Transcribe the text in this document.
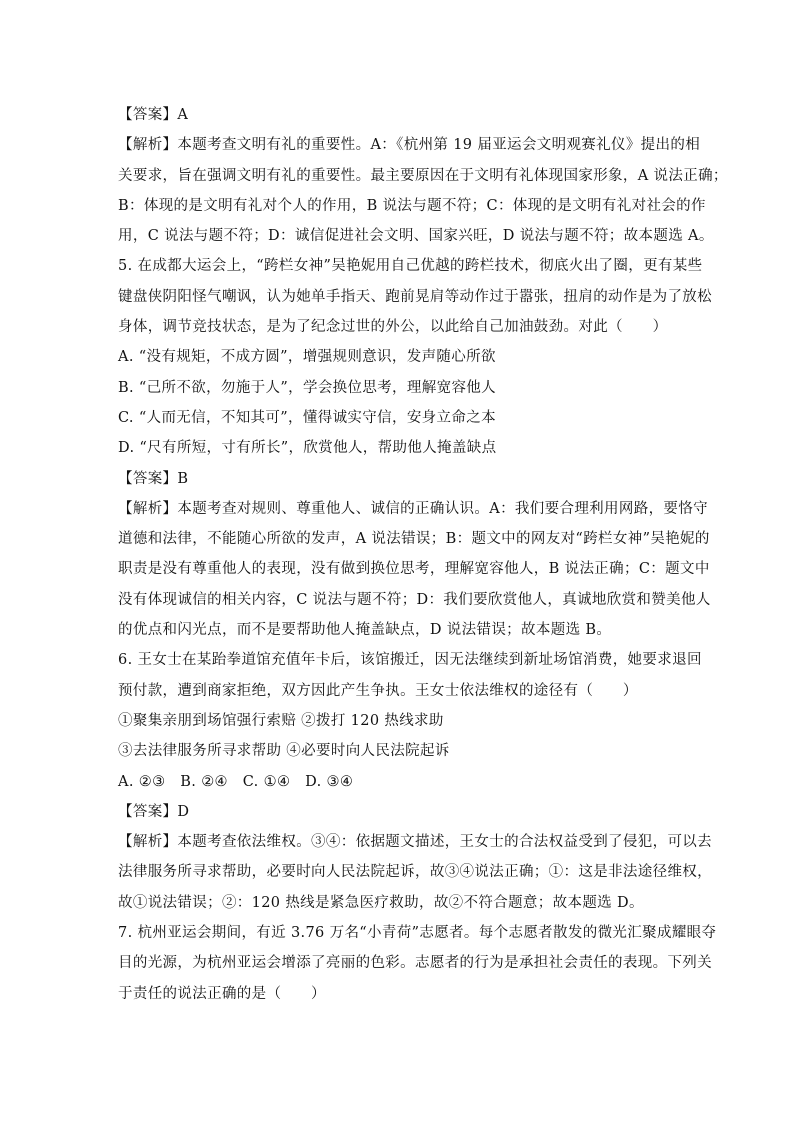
【答案】A
【解析】本题考查文明有礼的重要性。A：《杭州第 19 届亚运会文明观赛礼仪》提出的相
关要求，旨在强调文明有礼的重要性。最主要原因在于文明有礼体现国家形象，A 说法正确；
B：体现的是文明有礼对个人的作用，B 说法与题不符；C：体现的是文明有礼对社会的作
用，C 说法与题不符；D：诚信促进社会文明、国家兴旺，D 说法与题不符；故本题选 A。
5. 在成都大运会上，“跨栏女神”吴艳妮用自己优越的跨栏技术，彻底火出了圈，更有某些
键盘侠阴阳怪气嘲讽，认为她单手指天、跑前晃肩等动作过于嚣张，扭肩的动作是为了放松
身体，调节竞技状态，是为了纪念过世的外公，以此给自己加油鼓劲。对此（　　）
A. “没有规矩，不成方圆”，增强规则意识，发声随心所欲
B. “己所不欲，勿施于人”，学会换位思考，理解宽容他人
C. “人而无信，不知其可”，懂得诚实守信，安身立命之本
D. “尺有所短，寸有所长”，欣赏他人，帮助他人掩盖缺点
【答案】B
【解析】本题考查对规则、尊重他人、诚信的正确认识。A：我们要合理利用网路，要恪守
道德和法律，不能随心所欲的发声，A 说法错误；B：题文中的网友对“跨栏女神”吴艳妮的
职责是没有尊重他人的表现，没有做到换位思考，理解宽容他人，B 说法正确；C：题文中
没有体现诚信的相关内容，C 说法与题不符；D：我们要欣赏他人，真诚地欣赏和赞美他人
的优点和闪光点，而不是要帮助他人掩盖缺点，D 说法错误；故本题选 B。
6. 王女士在某跆拳道馆充值年卡后，该馆搬迁，因无法继续到新址场馆消费，她要求退回
预付款，遭到商家拒绝，双方因此产生争执。王女士依法维权的途径有（　　）
①聚集亲朋到场馆强行索赔 ②拨打 120 热线求助
③去法律服务所寻求帮助 ④必要时向人民法院起诉
A. ②③　B. ②④　C. ①④　D. ③④
【答案】D
【解析】本题考查依法维权。③④：依据题文描述，王女士的合法权益受到了侵犯，可以去
法律服务所寻求帮助，必要时向人民法院起诉，故③④说法正确；①：这是非法途径维权，
故①说法错误；②：120 热线是紧急医疗救助，故②不符合题意；故本题选 D。
7. 杭州亚运会期间，有近 3.76 万名“小青荷”志愿者。每个志愿者散发的微光汇聚成耀眼夺
目的光源，为杭州亚运会增添了亮丽的色彩。志愿者的行为是承担社会责任的表现。下列关
于责任的说法正确的是（　　）
